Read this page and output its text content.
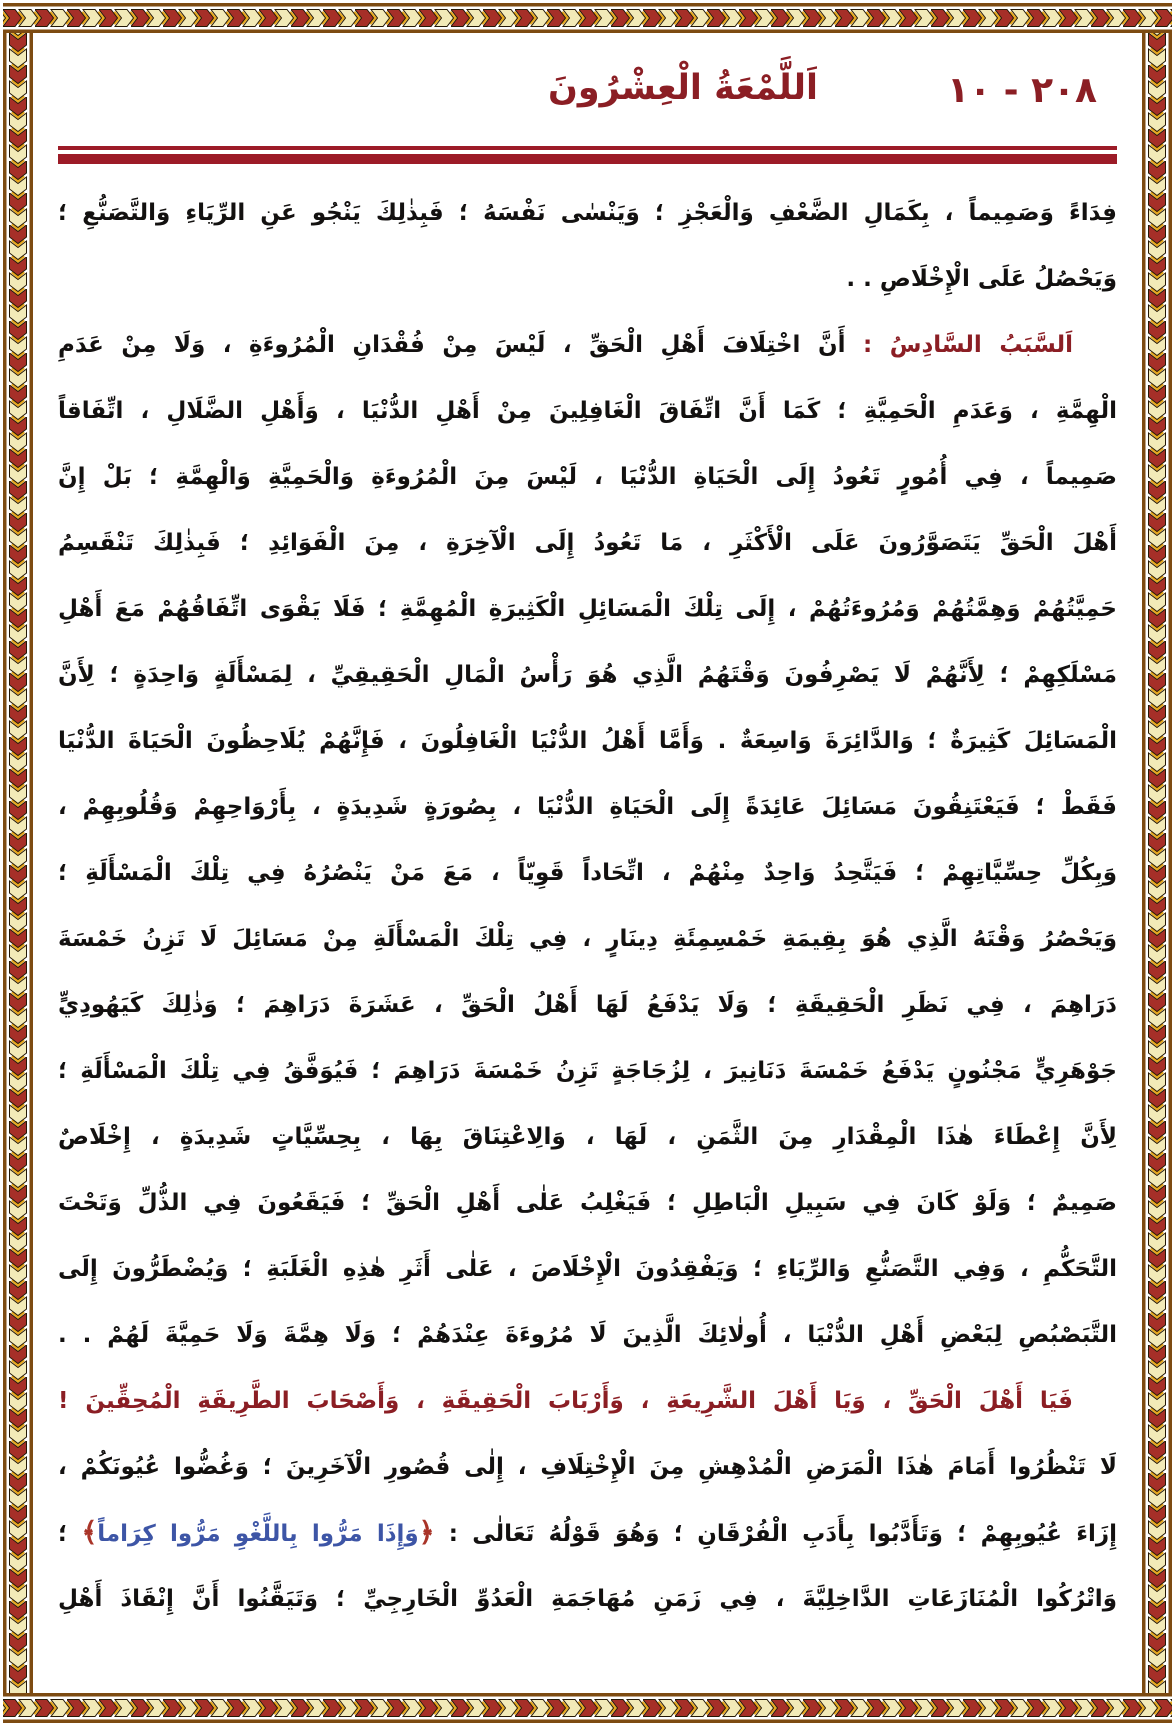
٢٠٨ - ١٠
اَللَّمْعَةُ الْعِشْرُونَ
فِدَاءً وَصَمِيماً ، بِكَمَالِ الضَّعْفِ وَالْعَجْزِ ؛ وَيَنْسٰى نَفْسَهُ ؛ فَبِذٰلِكَ يَنْجُو عَنِ الرِّيَاءِ وَالتَّصَنُّعِ ؛
وَيَحْصُلُ عَلَى الْإِخْلَاصِ . .
اَلسَّبَبُ السَّادِسُ : أَنَّ اخْتِلَافَ أَهْلِ الْحَقِّ ، لَيْسَ مِنْ فُقْدَانِ الْمُرُوءَةِ ، وَلَا مِنْ عَدَمِ
الْهِمَّةِ ، وَعَدَمِ الْحَمِيَّةِ ؛ كَمَا أَنَّ اتِّفَاقَ الْغَافِلِينَ مِنْ أَهْلِ الدُّنْيَا ، وَأَهْلِ الضَّلَالِ ، اتِّفَاقاً
صَمِيماً ، فِي أُمُورٍ تَعُودُ إِلَى الْحَيَاةِ الدُّنْيَا ، لَيْسَ مِنَ الْمُرُوءَةِ وَالْحَمِيَّةِ وَالْهِمَّةِ ؛ بَلْ إِنَّ
أَهْلَ الْحَقِّ يَتَصَوَّرُونَ عَلَى الْأَكْثَرِ ، مَا تَعُودُ إِلَى الْآخِرَةِ ، مِنَ الْفَوَائِدِ ؛ فَبِذٰلِكَ تَنْقَسِمُ
حَمِيَّتُهُمْ وَهِمَّتُهُمْ وَمُرُوءَتُهُمْ ، إِلَى تِلْكَ الْمَسَائِلِ الْكَثِيرَةِ الْمُهِمَّةِ ؛ فَلَا يَقْوَى اتِّفَاقُهُمْ مَعَ أَهْلِ
مَسْلَكِهِمْ ؛ لِأَنَّهُمْ لَا يَصْرِفُونَ وَقْتَهُمُ الَّذِي هُوَ رَأْسُ الْمَالِ الْحَقِيقِيِّ ، لِمَسْأَلَةٍ وَاحِدَةٍ ؛ لِأَنَّ
الْمَسَائِلَ كَثِيرَةٌ ؛ وَالدَّائِرَةَ وَاسِعَةٌ . وَأَمَّا أَهْلُ الدُّنْيَا الْغَافِلُونَ ، فَإِنَّهُمْ يُلَاحِظُونَ الْحَيَاةَ الدُّنْيَا
فَقَطْ ؛ فَيَعْتَنِقُونَ مَسَائِلَ عَائِدَةً إِلَى الْحَيَاةِ الدُّنْيَا ، بِصُورَةٍ شَدِيدَةٍ ، بِأَرْوَاحِهِمْ وَقُلُوبِهِمْ ،
وَبِكُلِّ حِسِّيَّاتِهِمْ ؛ فَيَتَّحِدُ وَاحِدٌ مِنْهُمْ ، اتِّحَاداً قَوِيّاً ، مَعَ مَنْ يَنْصُرُهُ فِي تِلْكَ الْمَسْأَلَةِ ؛
وَيَحْصُرُ وَقْتَهُ الَّذِي هُوَ بِقِيمَةِ خَمْسِمِئَةِ دِينَارٍ ، فِي تِلْكَ الْمَسْأَلَةِ مِنْ مَسَائِلَ لَا تَزِنُ خَمْسَةَ
دَرَاهِمَ ، فِي نَظَرِ الْحَقِيقَةِ ؛ وَلَا يَدْفَعُ لَهَا أَهْلُ الْحَقِّ ، عَشَرَةَ دَرَاهِمَ ؛ وَذٰلِكَ كَيَهُودِيٍّ
جَوْهَرِيٍّ مَجْنُونٍ يَدْفَعُ خَمْسَةَ دَنَانِيرَ ، لِزُجَاجَةٍ تَزِنُ خَمْسَةَ دَرَاهِمَ ؛ فَيُوَفَّقُ فِي تِلْكَ الْمَسْأَلَةِ ؛
لِأَنَّ إِعْطَاءَ هٰذَا الْمِقْدَارِ مِنَ الثَّمَنِ ، لَهَا ، وَالِاعْتِنَاقَ بِهَا ، بِحِسِّيَّاتٍ شَدِيدَةٍ ، إِخْلَاصٌ
صَمِيمٌ ؛ وَلَوْ كَانَ فِي سَبِيلِ الْبَاطِلِ ؛ فَيَغْلِبُ عَلٰى أَهْلِ الْحَقِّ ؛ فَيَقَعُونَ فِي الذُّلِّ وَتَحْتَ
التَّحَكُّمِ ، وَفِي التَّصَنُّعِ وَالرِّيَاءِ ؛ وَيَفْقِدُونَ الْإِخْلَاصَ ، عَلٰى أَثَرِ هٰذِهِ الْغَلَبَةِ ؛ وَيُضْطَرُّونَ إِلَى
التَّبَصْبُصِ لِبَعْضِ أَهْلِ الدُّنْيَا ، أُولٰائِكَ الَّذِينَ لَا مُرُوءَةَ عِنْدَهُمْ ؛ وَلَا هِمَّةَ وَلَا حَمِيَّةَ لَهُمْ . .
فَيَا أَهْلَ الْحَقِّ ، وَيَا أَهْلَ الشَّرِيعَةِ ، وَأَرْبَابَ الْحَقِيقَةِ ، وَأَصْحَابَ الطَّرِيقَةِ الْمُحِقِّينَ !
لَا تَنْظُرُوا أَمَامَ هٰذَا الْمَرَضِ الْمُدْهِشِ مِنَ الْإِخْتِلَافِ ، إِلٰى قُصُورِ الْآخَرِينَ ؛ وَغُضُّوا عُيُونَكُمْ ،
إِزَاءَ عُيُوبِهِمْ ؛ وَتَأَدَّبُوا بِأَدَبِ الْفُرْقَانِ ؛ وَهُوَ قَوْلُهُ تَعَالٰى : ﴿وَإِذَا مَرُّوا بِاللَّغْوِ مَرُّوا كِرَاماً﴾ ؛
وَاتْرُكُوا الْمُنَازَعَاتِ الدَّاخِلِيَّةَ ، فِي زَمَنِ مُهَاجَمَةِ الْعَدُوِّ الْخَارِجِيِّ ؛ وَتَيَقَّنُوا أَنَّ إِنْقَاذَ أَهْلِ
